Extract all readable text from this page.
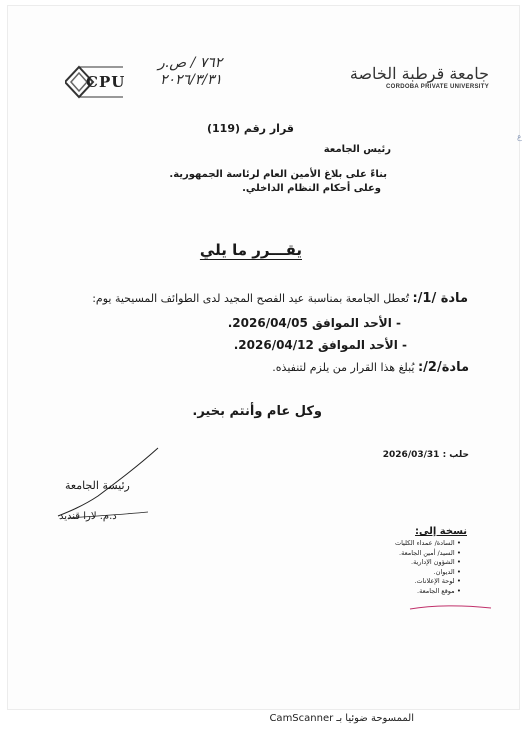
CPU
٧٦٢ / ص.ر
٢٠٢٦/٣/٣١	جامعة قرطبة الخاصة
CORDOBA PRIVATE UNIVERSITY
قرار رقم (119)
رئيس الجامعة
بناءً على بلاغ الأمين العام لرئاسة الجمهورية.
وعلى أحكام النظام الداخلي.
يقـــرر ما يلي
مادة /1/: تُعطل الجامعة بمناسبة عيد الفصح المجيد لدى الطوائف المسيحية يوم:
- الأحد الموافق 2026/04/05.
- الأحد الموافق 2026/04/12.
مادة/2/: يُبلغ هذا القرار من يلزم لتنفيذه.
وكل عام وأنتم بخير.
حلب : 2026/03/31
رئيسة الجامعة
د.م. لارا قنديد
نسخة إلى:
• السادة/ عمداء الكليات
• السيد/ أمين الجامعة.
• الشؤون الإدارية.
• الديوان.
• لوحة الإعلانات.
• موقع الجامعة.
ع
الممسوحة ضوئيا بـ CamScanner
